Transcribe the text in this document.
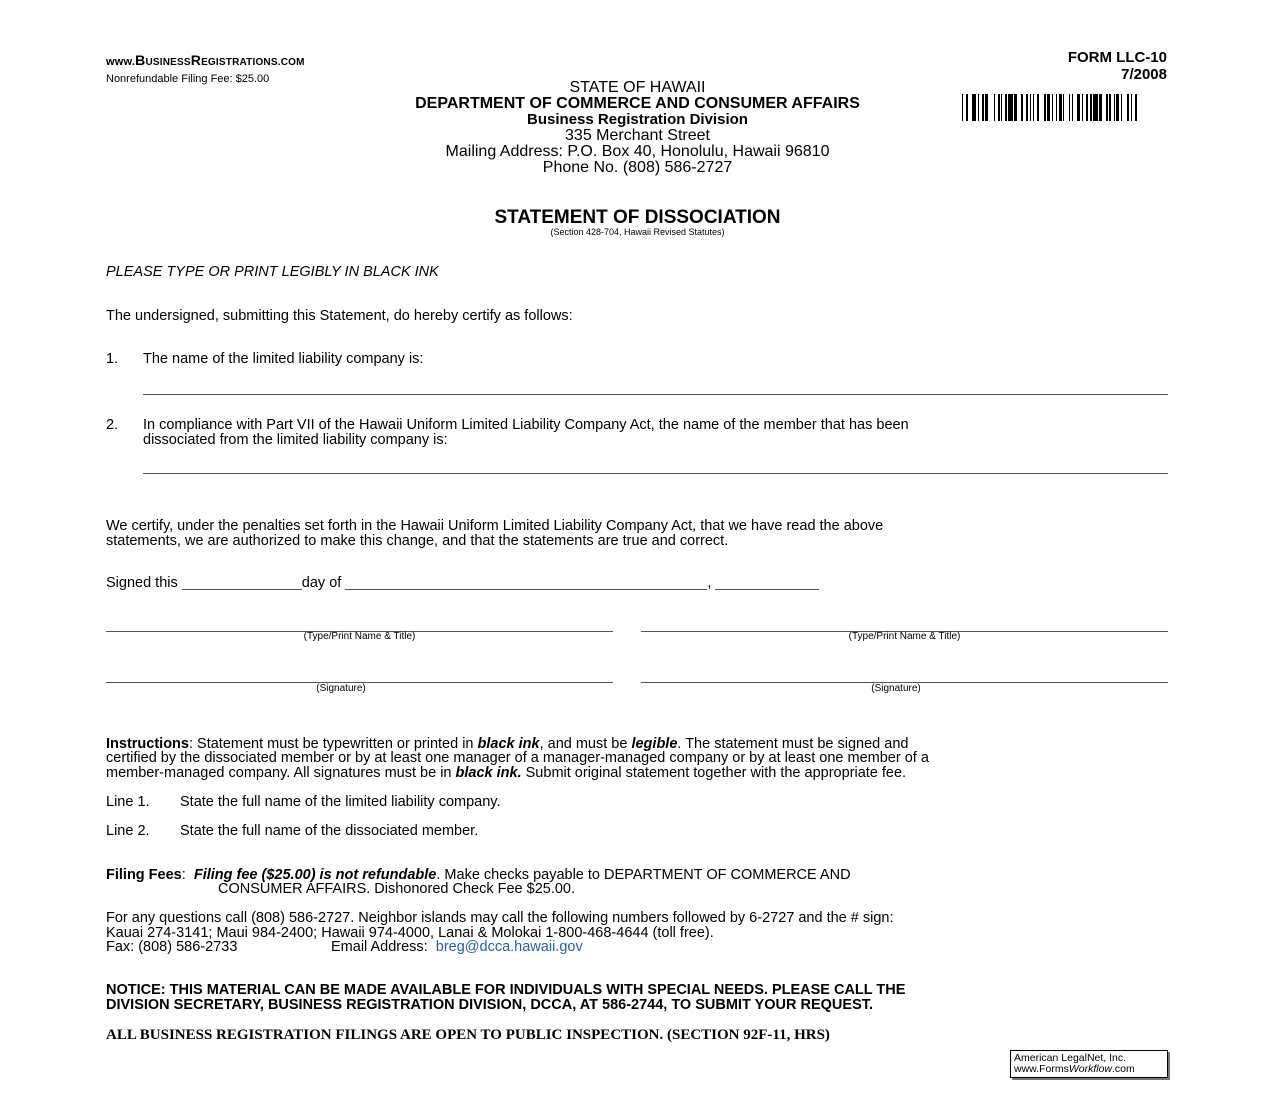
www.BUSINESSREGISTRATIONS.COM
Nonrefundable Filing Fee: $25.00
FORM LLC-10
7/2008
STATE OF HAWAII
DEPARTMENT OF COMMERCE AND CONSUMER AFFAIRS
Business Registration Division
335 Merchant Street
Mailing Address: P.O. Box 40, Honolulu, Hawaii 96810
Phone No. (808) 586-2727
STATEMENT OF DISSOCIATION
(Section 428-704, Hawaii Revised Statutes)
PLEASE TYPE OR PRINT LEGIBLY IN BLACK INK
The undersigned, submitting this Statement, do hereby certify as follows:
1. The name of the limited liability company is:
2. In compliance with Part VII of the Hawaii Uniform Limited Liability Company Act, the name of the member that has been
dissociated from the limited liability company is:
We certify, under the penalties set forth in the Hawaii Uniform Limited Liability Company Act, that we have read the above
statements, we are authorized to make this change, and that the statements are true and correct.
Signed this	day of	,
(Type/Print Name & Title)	(Type/Print Name & Title)
(Signature)	(Signature)
Instructions: Statement must be typewritten or printed in black ink, and must be legible. The statement must be signed and
certified by the dissociated member or by at least one manager of a manager-managed company or by at least one member of a
member-managed company. All signatures must be in black ink. Submit original statement together with the appropriate fee.
Line 1. State the full name of the limited liability company.
Line 2. State the full name of the dissociated member.
Filing Fees: Filing fee ($25.00) is not refundable. Make checks payable to DEPARTMENT OF COMMERCE AND
CONSUMER AFFAIRS. Dishonored Check Fee $25.00.
For any questions call (808) 586-2727. Neighbor islands may call the following numbers followed by 6-2727 and the # sign:
Kauai 274-3141; Maui 984-2400; Hawaii 974-4000, Lanai & Molokai 1-800-468-4644 (toll free).
Fax: (808) 586-2733	Email Address: breg@dcca.hawaii.gov
NOTICE: THIS MATERIAL CAN BE MADE AVAILABLE FOR INDIVIDUALS WITH SPECIAL NEEDS. PLEASE CALL THE
DIVISION SECRETARY, BUSINESS REGISTRATION DIVISION, DCCA, AT 586-2744, TO SUBMIT YOUR REQUEST.
ALL BUSINESS REGISTRATION FILINGS ARE OPEN TO PUBLIC INSPECTION. (SECTION 92F-11, HRS)
American LegalNet, Inc.
www.FormsWorkflow.com
